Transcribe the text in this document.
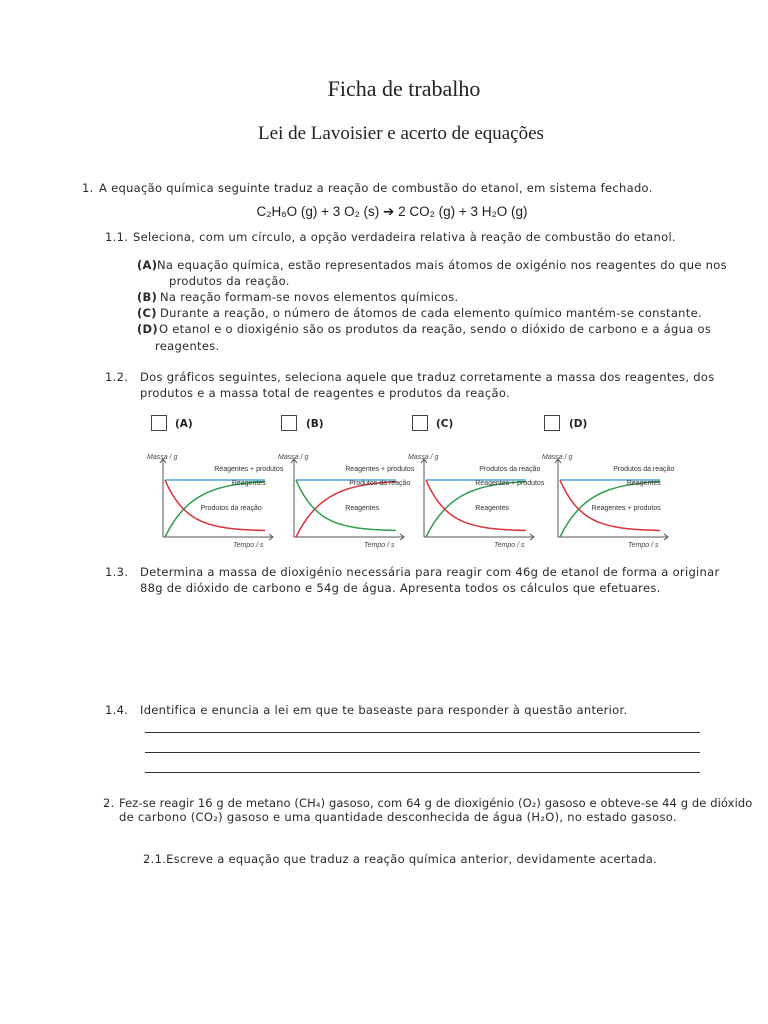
Ficha de trabalho
Lei de Lavoisier e acerto de equações
1. A equação química seguinte traduz a reação de combustão do etanol, em sistema fechado.
C₂H₆O (g) + 3 O₂ (s) ➔ 2 CO₂ (g) + 3 H₂O (g)
1.1. Seleciona, com um círculo, a opção verdadeira relativa à reação de combustão do etanol.
(A) Na equação química, estão representados mais átomos de oxigénio nos reagentes do que nos
produtos da reação.
(B) Na reação formam-se novos elementos químicos.
(C) Durante a reação, o número de átomos de cada elemento químico mantém-se constante.
(D) O etanol e o dioxigénio são os produtos da reação, sendo o dióxido de carbono e a água os
reagentes.
1.2. Dos gráficos seguintes, seleciona aquele que traduz corretamente a massa dos reagentes, dos
produtos e a massa total de reagentes e produtos da reação.
(A)	(B)	(C)	(D)
Massa / g
Tempo / s
Reagentes + produtos
Reagentes
Produtos da reação
Massa / g
Tempo / s
Reagentes + produtos
Produtos da reação
Reagentes
Massa / g
Tempo / s
Produtos da reação
Reagentes + produtos
Reagentes
Massa / g
Tempo / s
Produtos da reação
Reagentes
Reagentes + produtos
1.3. Determina a massa de dioxigénio necessária para reagir com 46g de etanol de forma a originar
88g de dióxido de carbono e 54g de água. Apresenta todos os cálculos que efetuares.
1.4. Identifica e enuncia a lei em que te baseaste para responder à questão anterior.
2. Fez-se reagir 16 g de metano (CH₄) gasoso, com 64 g de dioxigénio (O₂) gasoso e obteve-se 44 g de dióxido
de carbono (CO₂) gasoso e uma quantidade desconhecida de água (H₂O), no estado gasoso.
2.1.Escreve a equação que traduz a reação química anterior, devidamente acertada.
